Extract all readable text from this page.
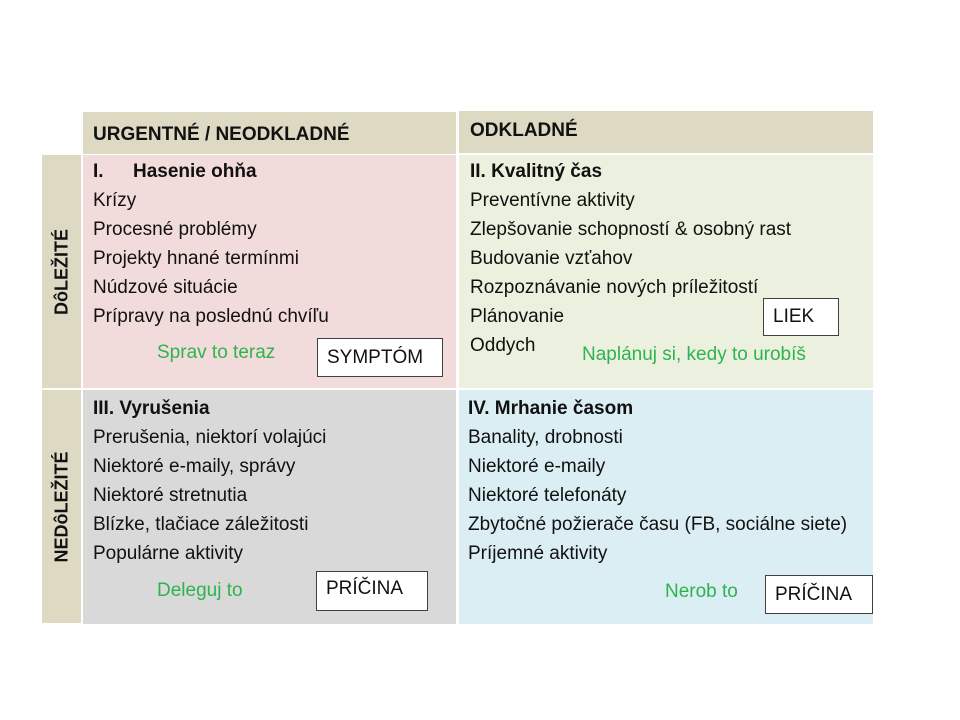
URGENTNÉ / NEODKLADNÉ	ODKLADNÉ
DôLEŽITÉ
NEDôLEŽITÉ
I. Hasenie ohňa
Krízy
Procesné problémy
Projekty hnané termínmi
Núdzové situácie
Prípravy na poslednú chvíľu
Sprav to teraz	SYMPTÓM
II. Kvalitný čas
Preventívne aktivity
Zlepšovanie schopností & osobný rast
Budovanie vzťahov
Rozpoznávanie nových príležitostí
Plánovanie
Oddych
LIEK
Naplánuj si, kedy to urobíš
III. Vyrušenia
Prerušenia, niektorí volajúci
Niektoré e-maily, správy
Niektoré stretnutia
Blízke, tlačiace záležitosti
Populárne aktivity
Deleguj to	PRÍČINA
IV. Mrhanie časom
Banality, drobnosti
Niektoré e-maily
Niektoré telefonáty
Zbytočné požierače času (FB, sociálne siete)
Príjemné aktivity
Nerob to	PRÍČINA
